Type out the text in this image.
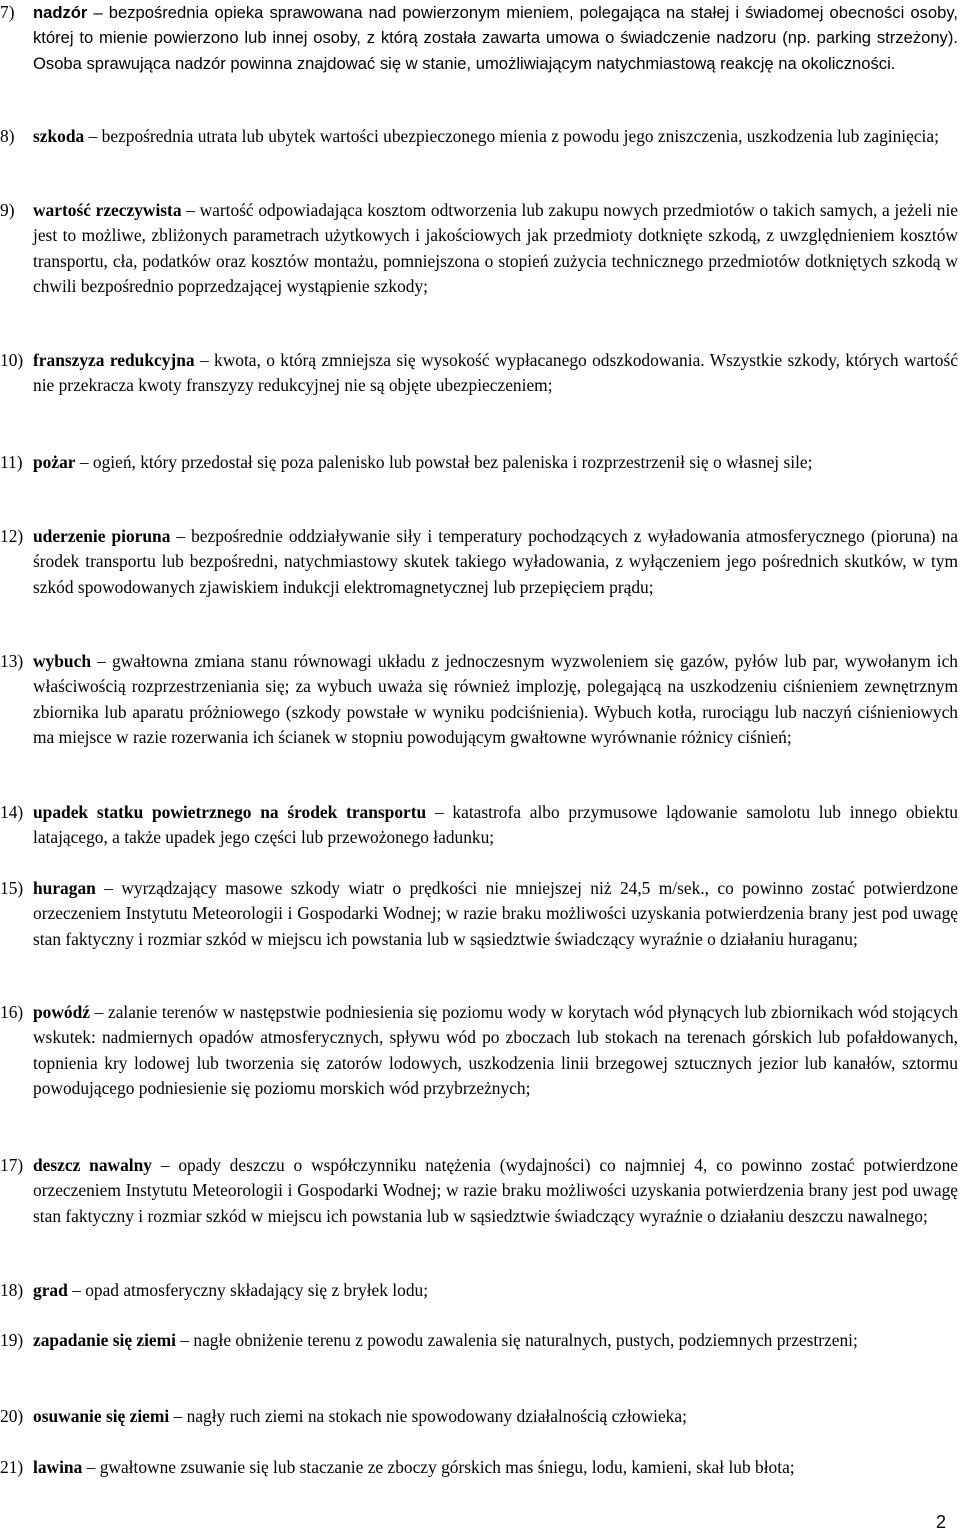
7) nadzór – bezpośrednia opieka sprawowana nad powierzonym mieniem, polegająca na stałej i świadomej obecności osoby, której to mienie powierzono lub innej osoby, z którą została zawarta umowa o świadczenie nadzoru (np. parking strzeżony). Osoba sprawująca nadzór powinna znajdować się w stanie, umożliwiającym natychmiastową reakcję na okoliczności.
8) szkoda – bezpośrednia utrata lub ubytek wartości ubezpieczonego mienia z powodu jego zniszczenia, uszkodzenia lub zaginięcia;
9) wartość rzeczywista – wartość odpowiadająca kosztom odtworzenia lub zakupu nowych przedmiotów o takich samych, a jeżeli nie jest to możliwe, zbliżonych parametrach użytkowych i jakościowych jak przedmioty dotknięte szkodą, z uwzględnieniem kosztów transportu, cła, podatków oraz kosztów montażu, pomniejszona o stopień zużycia technicznego przedmiotów dotkniętych szkodą w chwili bezpośrednio poprzedzającej wystąpienie szkody;
10) franszyza redukcyjna – kwota, o którą zmniejsza się wysokość wypłacanego odszkodowania. Wszystkie szkody, których wartość nie przekracza kwoty franszyzy redukcyjnej nie są objęte ubezpieczeniem;
11) pożar – ogień, który przedostał się poza palenisko lub powstał bez paleniska i rozprzestrzenił się o własnej sile;
12) uderzenie pioruna – bezpośrednie oddziaływanie siły i temperatury pochodzących z wyładowania atmosferycznego (pioruna) na środek transportu lub bezpośredni, natychmiastowy skutek takiego wyładowania, z wyłączeniem jego pośrednich skutków, w tym szkód spowodowanych zjawiskiem indukcji elektromagnetycznej lub przepięciem prądu;
13) wybuch – gwałtowna zmiana stanu równowagi układu z jednoczesnym wyzwoleniem się gazów, pyłów lub par, wywołanym ich właściwością rozprzestrzeniania się; za wybuch uważa się również implozję, polegającą na uszkodzeniu ciśnieniem zewnętrznym zbiornika lub aparatu próżniowego (szkody powstałe w wyniku podciśnienia). Wybuch kotła, rurociągu lub naczyń ciśnieniowych ma miejsce w razie rozerwania ich ścianek w stopniu powodującym gwałtowne wyrównanie różnicy ciśnień;
14) upadek statku powietrznego na środek transportu – katastrofa albo przymusowe lądowanie samolotu lub innego obiektu latającego, a także upadek jego części lub przewożonego ładunku;
15) huragan – wyrządzający masowe szkody wiatr o prędkości nie mniejszej niż 24,5 m/sek., co powinno zostać potwierdzone orzeczeniem Instytutu Meteorologii i Gospodarki Wodnej; w razie braku możliwości uzyskania potwierdzenia brany jest pod uwagę stan faktyczny i rozmiar szkód w miejscu ich powstania lub w sąsiedztwie świadczący wyraźnie o działaniu huraganu;
16) powódź – zalanie terenów w następstwie podniesienia się poziomu wody w korytach wód płynących lub zbiornikach wód stojących wskutek: nadmiernych opadów atmosferycznych, spływu wód po zboczach lub stokach na terenach górskich lub pofałdowanych, topnienia kry lodowej lub tworzenia się zatorów lodowych, uszkodzenia linii brzegowej sztucznych jezior lub kanałów, sztormu powodującego podniesienie się poziomu morskich wód przybrzeżnych;
17) deszcz nawalny – opady deszczu o współczynniku natężenia (wydajności) co najmniej 4, co powinno zostać potwierdzone orzeczeniem Instytutu Meteorologii i Gospodarki Wodnej; w razie braku możliwości uzyskania potwierdzenia brany jest pod uwagę stan faktyczny i rozmiar szkód w miejscu ich powstania lub w sąsiedztwie świadczący wyraźnie o działaniu deszczu nawalnego;
18) grad – opad atmosferyczny składający się z bryłek lodu;
19) zapadanie się ziemi – nagłe obniżenie terenu z powodu zawalenia się naturalnych, pustych, podziemnych przestrzeni;
20) osuwanie się ziemi – nagły ruch ziemi na stokach nie spowodowany działalnością człowieka;
21) lawina – gwałtowne zsuwanie się lub staczanie ze zboczy górskich mas śniegu, lodu, kamieni, skał lub błota;
2
